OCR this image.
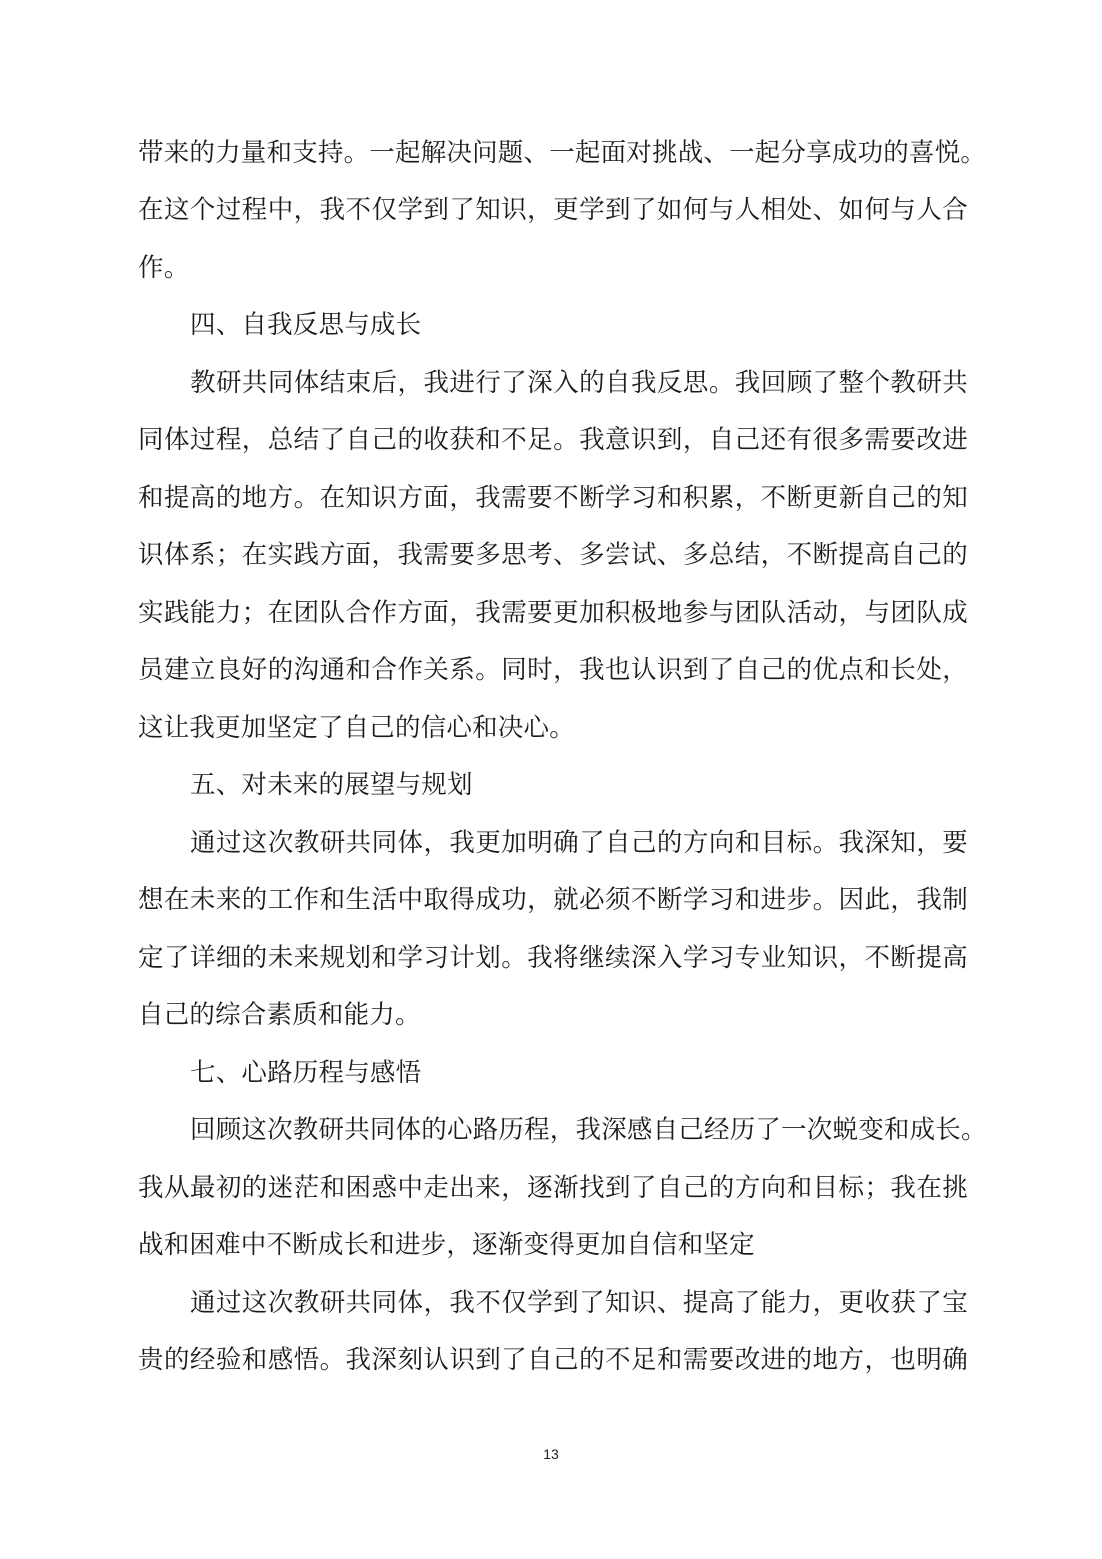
带来的力量和支持。一起解决问题、一起面对挑战、一起分享成功的喜悦。
在这个过程中，我不仅学到了知识，更学到了如何与人相处、如何与人合
作。
四、自我反思与成长
教研共同体结束后，我进行了深入的自我反思。我回顾了整个教研共
同体过程，总结了自己的收获和不足。我意识到，自己还有很多需要改进
和提高的地方。在知识方面，我需要不断学习和积累，不断更新自己的知
识体系；在实践方面，我需要多思考、多尝试、多总结，不断提高自己的
实践能力；在团队合作方面，我需要更加积极地参与团队活动，与团队成
员建立良好的沟通和合作关系。同时，我也认识到了自己的优点和长处，
这让我更加坚定了自己的信心和决心。
五、对未来的展望与规划
通过这次教研共同体，我更加明确了自己的方向和目标。我深知，要
想在未来的工作和生活中取得成功，就必须不断学习和进步。因此，我制
定了详细的未来规划和学习计划。我将继续深入学习专业知识，不断提高
自己的综合素质和能力。
七、心路历程与感悟
回顾这次教研共同体的心路历程，我深感自己经历了一次蜕变和成长。
我从最初的迷茫和困惑中走出来，逐渐找到了自己的方向和目标；我在挑
战和困难中不断成长和进步，逐渐变得更加自信和坚定
通过这次教研共同体，我不仅学到了知识、提高了能力，更收获了宝
贵的经验和感悟。我深刻认识到了自己的不足和需要改进的地方，也明确
13
